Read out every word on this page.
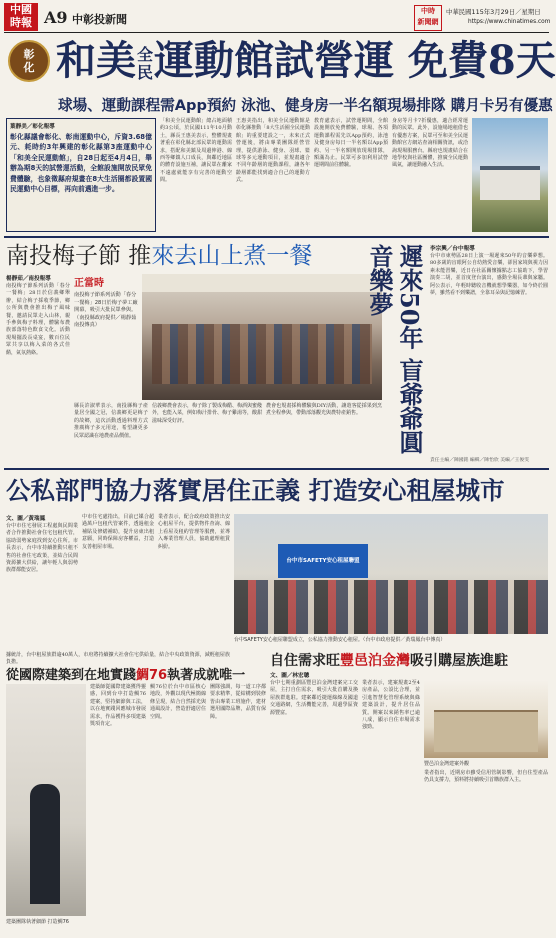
中國
時報 A9 中彰投新聞
中時
新聞網
中華民國115年3月29日／星期日
https://www.chinatimes.com
彰化 和美 全
民 運動館試營運 免費8天
球場、運動課程需App預約 泳池、健身房一半名額現場排隊 購月卡另有優惠
葉靜美／彰化報導
彰化縣議會彰化、彰南運動中心，斥資3.68億元、耗時約3年興建的彰化縣第3座運動中心「和美全民運動館」，自28日起至4月4日，舉辦為期8天的試營運活動，全館設施開放民眾免費體驗，也象徵縣府規畫在8大生活圈都設置國民運動中心目標，再向前邁進一步。
「和美全民運動館」總占地面積約3公頃，於民國111年10月動土，縣長王惠美表示，整體規畫著重在彰化縣北部民眾的運動需求，搭配和美鎮及周邊伸港、線西等鄉鎮人口成長，與鄰近地區的體育設施互補，讓民眾在離家不遠處就能享有完善的運動空間。
王惠美指出，和美全民運動館是彰化縣推動「8大生活圈全民運動館」的重要建設之一，未來正式營運後，將由專業團隊經營管理，提供游泳、健身、羽球、籃球等多元運動項目，並規畫適合不同年齡層的運動課程，讓各年齡層都能找到適合自己的運動方式。
教育處表示，試營運期間，全館設施開放免費體驗，球場、各項運動課程需先以App預約，泳池及健身房每日一半名額以App預約、另一半名額開放現場排隊，額滿為止。民眾可多加利用試營運期間前往體驗。
身房等月卡7折優惠，適合經常運動的民眾。此外，設施場地租借也有優惠方案，民眾可至和美全民運動館官方網站查詢相關資訊，或洽詢現場服務台。縣府也規畫結合在地學校與社區團體，推廣全民運動風氣，讓運動融入生活。
南投梅子節 推來去山上煮一餐
楊靜茹／南投報導
南投梅子節系列活動「春分一餐梅」28日於信義鄉舉辦，結合梅子採收季節，鄉公所與農會推出梅子風味餐，邀請民眾走入山林，親手參與梅子料理，體驗布農族部落特色飲食文化。活動現場擺設長桌宴，數百位民眾共享以梅入菜的各式佳餚，氣氛熱絡。
正當時
南投梅子節系列活動「春分一餐梅」28日於梅子夢工廠開幕，吸引大批民眾參與。（南投縣政府提供／楊靜茹南投傳真）
縣長許淑華表示，南投縣梅子產量居全國之冠，信義鄉更是梅子的故鄉，這次活動透過料理方式推廣梅子多元用途，希望讓更多民眾認識在地農產品價值。
信義鄉農會表示，梅子除了製成梅醋、梅酒與蜜餞外，也能入菜，例如梅汁排骨、梅子雞湯等，酸甜滋味深受好評。
農會也規畫採梅體驗與DIY活動，讓遊客從採果到烹煮全程參與，帶動部落觀光與農特產銷售。	遲來50年 盲爺爺圓音樂夢	李宗興／台中報導
台中市東勢區28日上演一場遲來50年的音樂夢想。80多歲的盲眼阿公自幼熱愛音樂，卻因家境與視力因素未能習樂，近日在社區關懷據點志工協助下，學習演奏二胡，並首度登台演出，感動全場長輩與家屬。阿公表示，年輕時聽收音機就想學樂器，如今終於圓夢，雖然看不到樂譜，全靠耳朵與記憶練習。
責任主編／陳國銘 編輯／陳怡欣 美編／王俊雯
公私部門協力落實居住正義 打造安心租屋城市
文、圖／黃瑞鳳
台中市住宅發展工程處與民間業者合作推動社會住宅包租代管，協助弱勢家庭找到安心住所。市長表示，台中市持續推動只租不售的社會住宅政策，並結合民間資源擴大供給，讓年輕人與弱勢族群都能安居。
中市住宅處指出，目前已媒合超過萬戶包租代管案件，透過租金補貼及修繕補助，提升房東出租意願，同時保障房客權益，打造友善租屋市場。
業者表示，配合政府政策推出安心租屋平台，提供物件查詢、線上看屋及租約管理等服務，並導入專業管理人員，協助處理租賃糾紛。
台中市SAFETY安心租屋聯盟
台中SAFETY安心租屋聯盟成立，公私協力推動安心租屋。（台中市政府提供／黃瑞鳳台中傳真）
據統計，台中租屋族群逾40萬人，市府將持續擴大社會住宅供給量，結合中央政策資源，減輕租屋族負擔。	自住需求旺豐邑泊金灣吸引購屋族進駐
文、圖／林宏聰
台中七期重劃區豐邑泊金灣建案完工交屋，主打自住需求，吸引大批首購及換屋族群進駐。建案鄰近捷運綠線及國道交通路網，生活機能完善，周邊學區資源豐富。
業者表示，建案規畫2至4房產品，公設比合理，並引進智慧化管理系統與綠建築設計，提升居住品質。開案以來銷售率已逾八成，顯示自住市場需求強勁。
豐邑泊金灣建案外觀
業者指出，近期房市雖受信用管制影響，但自住型產品仍具支撐力，預料將持續吸引首購族群入主。
從國際建築到在地實踐鯛76執著成就唯一
建築團隊執著細節 打造鯛76
建築師從國際建築獲得靈感，回到台中打造鯛76建案，堅持細節與工法，以在地實踐回應城市發展需求，作品獲得多項建築獎項肯定。
鯛76位於台中市區核心地段，外觀以現代極簡線條呈現，結合自然採光與通風設計，營造舒適居住空間。
團隊強調，每一道工序都要求精準，從結構到裝修皆由專業工班施作，建材選用國際品牌，品質有保障。
